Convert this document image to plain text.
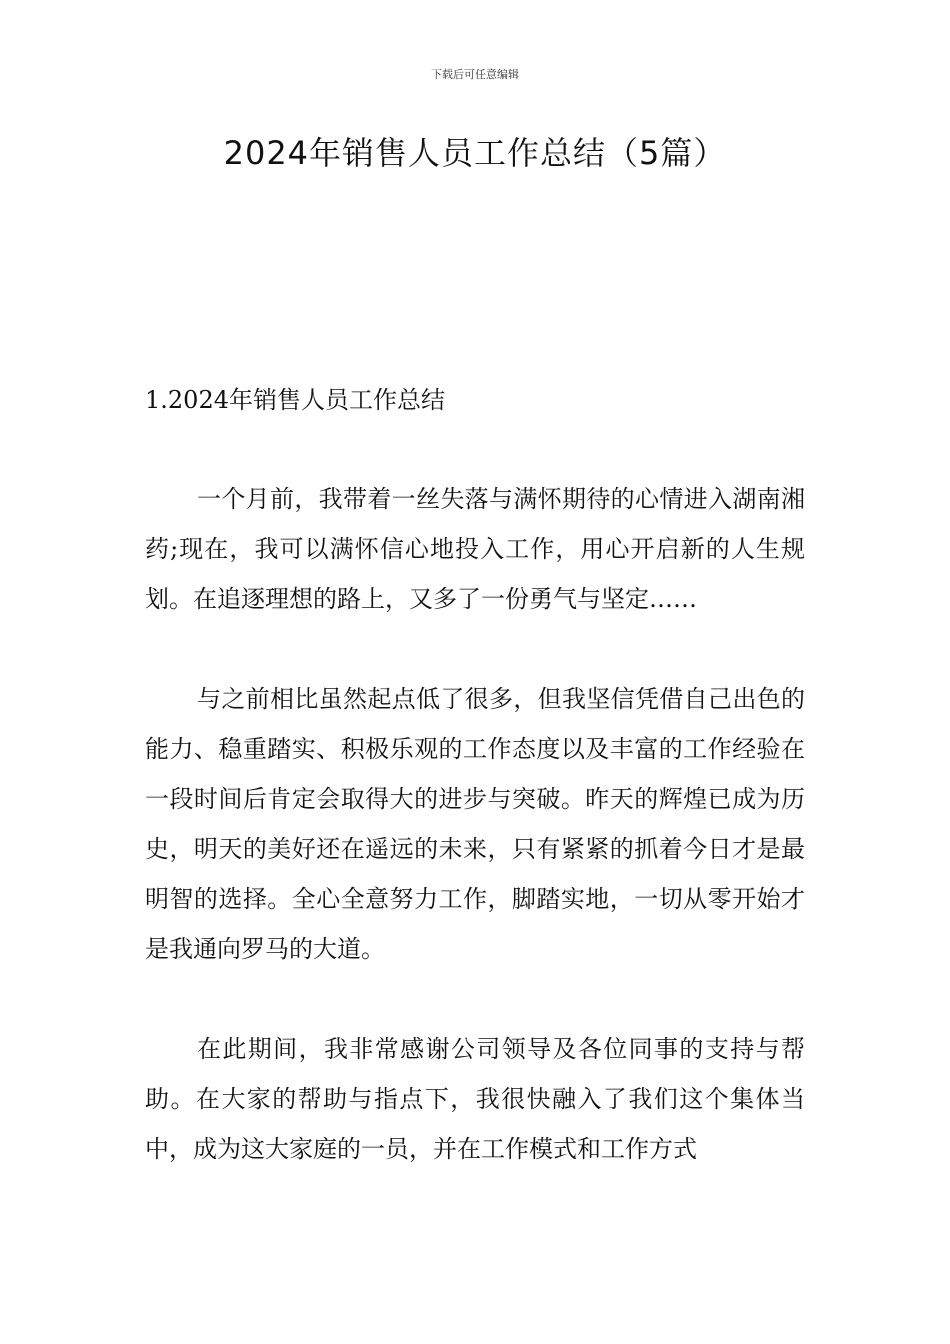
下载后可任意编辑
2024年销售人员工作总结（5篇）
1.2024年销售人员工作总结

一个月前，我带着一丝失落与满怀期待的心情进入湖南湘药;现在，我可以满怀信心地投入工作，用心开启新的人生规划。在追逐理想的路上，又多了一份勇气与坚定……

与之前相比虽然起点低了很多，但我坚信凭借自己出色的能力、稳重踏实、积极乐观的工作态度以及丰富的工作经验在一段时间后肯定会取得大的进步与突破。昨天的辉煌已成为历史，明天的美好还在遥远的未来，只有紧紧的抓着今日才是最明智的选择。全心全意努力工作，脚踏实地，一切从零开始才是我通向罗马的大道。

在此期间，我非常感谢公司领导及各位同事的支持与帮助。在大家的帮助与指点下，我很快融入了我们这个集体当中，成为这大家庭的一员，并在工作模式和工作方式
